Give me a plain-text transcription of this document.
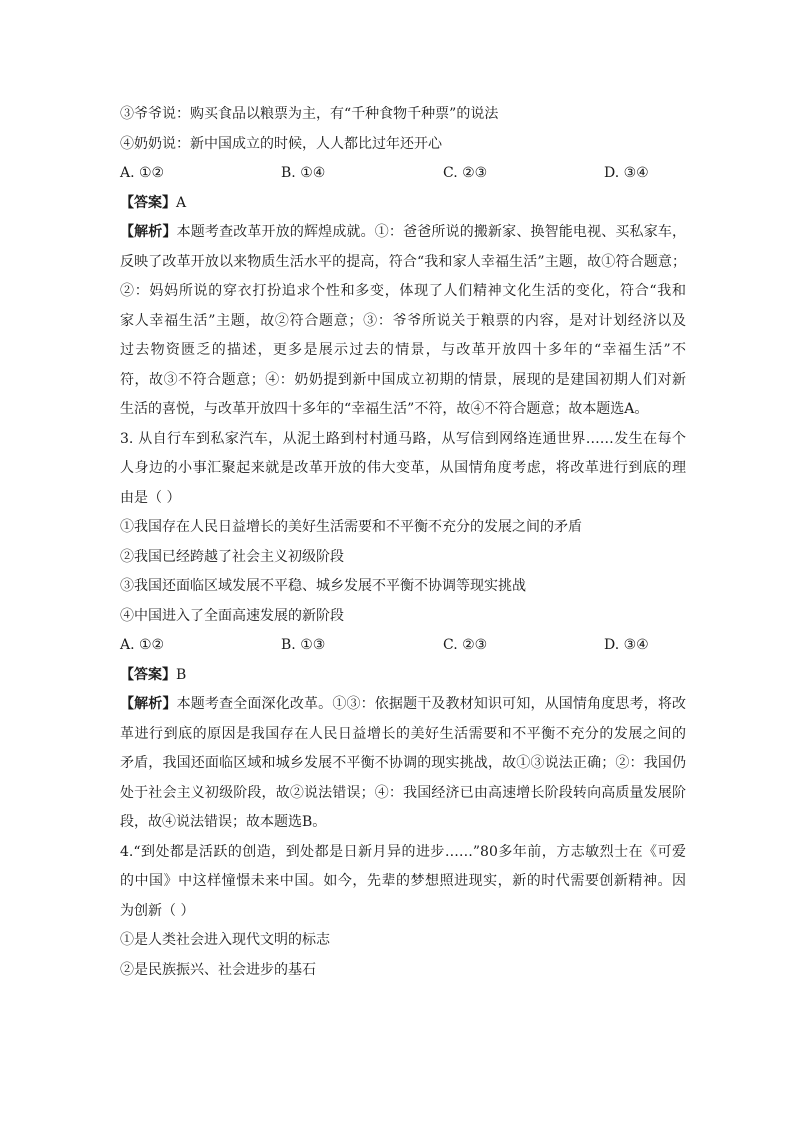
③爷爷说：购买食品以粮票为主，有“千种食物千种票”的说法
④奶奶说：新中国成立的时候，人人都比过年还开心
A. ①②	B. ①④	C. ②③	D. ③④
【答案】A
【解析】本题考查改革开放的辉煌成就。①：爸爸所说的搬新家、换智能电视、买私家车，
反映了改革开放以来物质生活水平的提高，符合“我和家人幸福生活”主题，故①符合题意；
②：妈妈所说的穿衣打扮追求个性和多变，体现了人们精神文化生活的变化，符合“我和
家人幸福生活”主题，故②符合题意；③：爷爷所说关于粮票的内容，是对计划经济以及
过去物资匮乏的描述，更多是展示过去的情景，与改革开放四十多年的“幸福生活”不
符，故③不符合题意；④：奶奶提到新中国成立初期的情景，展现的是建国初期人们对新
生活的喜悦，与改革开放四十多年的“幸福生活”不符，故④不符合题意；故本题选A。
3. 从自行车到私家汽车，从泥土路到村村通马路，从写信到网络连通世界……发生在每个
人身边的小事汇聚起来就是改革开放的伟大变革，从国情角度考虑，将改革进行到底的理
由是（ ）
①我国存在人民日益增长的美好生活需要和不平衡不充分的发展之间的矛盾
②我国已经跨越了社会主义初级阶段
③我国还面临区域发展不平稳、城乡发展不平衡不协调等现实挑战
④中国进入了全面高速发展的新阶段
A. ①②	B. ①③	C. ②③	D. ③④
【答案】B
【解析】本题考查全面深化改革。①③：依据题干及教材知识可知，从国情角度思考，将改
革进行到底的原因是我国存在人民日益增长的美好生活需要和不平衡不充分的发展之间的
矛盾，我国还面临区域和城乡发展不平衡不协调的现实挑战，故①③说法正确；②：我国仍
处于社会主义初级阶段，故②说法错误；④：我国经济已由高速增长阶段转向高质量发展阶
段，故④说法错误；故本题选B。
4.“到处都是活跃的创造，到处都是日新月异的进步……”80多年前，方志敏烈士在《可爱
的中国》中这样憧憬未来中国。如今，先辈的梦想照进现实，新的时代需要创新精神。因
为创新（ ）
①是人类社会进入现代文明的标志
②是民族振兴、社会进步的基石
